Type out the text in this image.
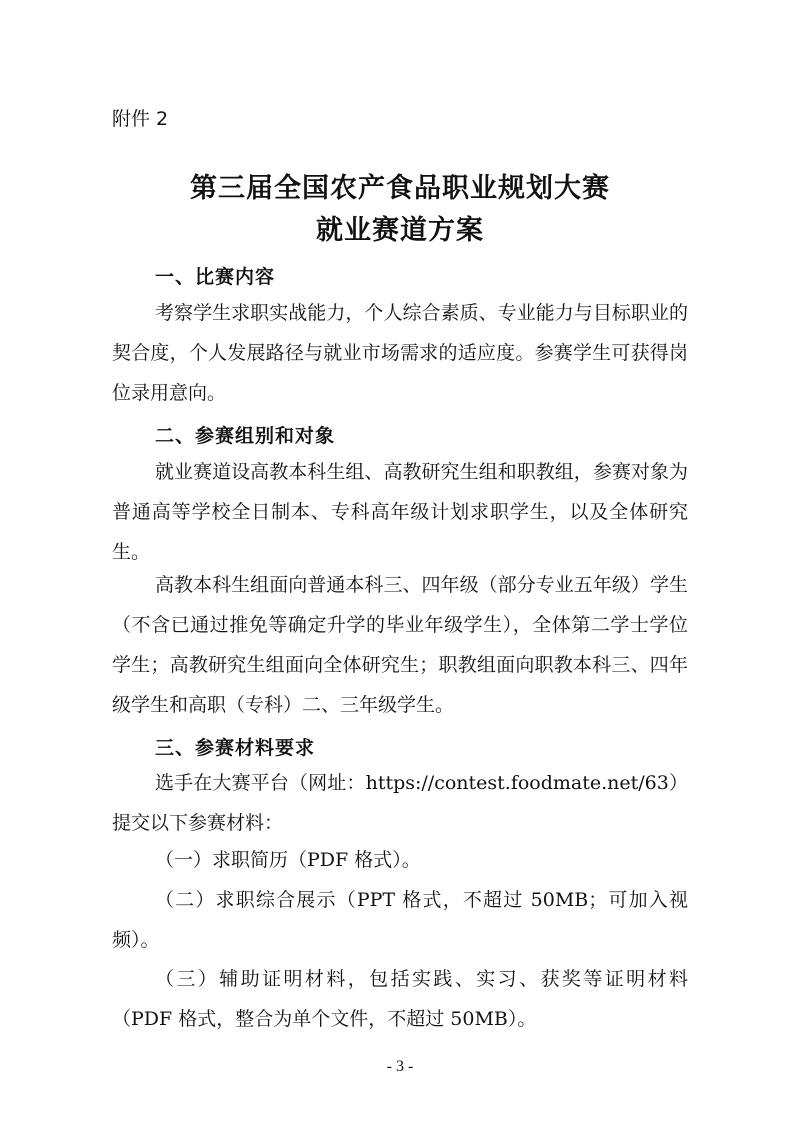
附件 2
第三届全国农产食品职业规划大赛
就业赛道方案
一、比赛内容
考察学生求职实战能力，个人综合素质、专业能力与目标职业的契合度，个人发展路径与就业市场需求的适应度。参赛学生可获得岗位录用意向。
二、参赛组别和对象
就业赛道设高教本科生组、高教研究生组和职教组，参赛对象为普通高等学校全日制本、专科高年级计划求职学生，以及全体研究生。
高教本科生组面向普通本科三、四年级（部分专业五年级）学生（不含已通过推免等确定升学的毕业年级学生），全体第二学士学位学生；高教研究生组面向全体研究生；职教组面向职教本科三、四年级学生和高职（专科）二、三年级学生。
三、参赛材料要求
选手在大赛平台（网址：https://contest.foodmate.net/63）提交以下参赛材料：
（一）求职简历（PDF 格式）。
（二）求职综合展示（PPT 格式，不超过 50MB；可加入视频）。
（三）辅助证明材料，包括实践、实习、获奖等证明材料（PDF 格式，整合为单个文件，不超过 50MB）。
- 3 -
